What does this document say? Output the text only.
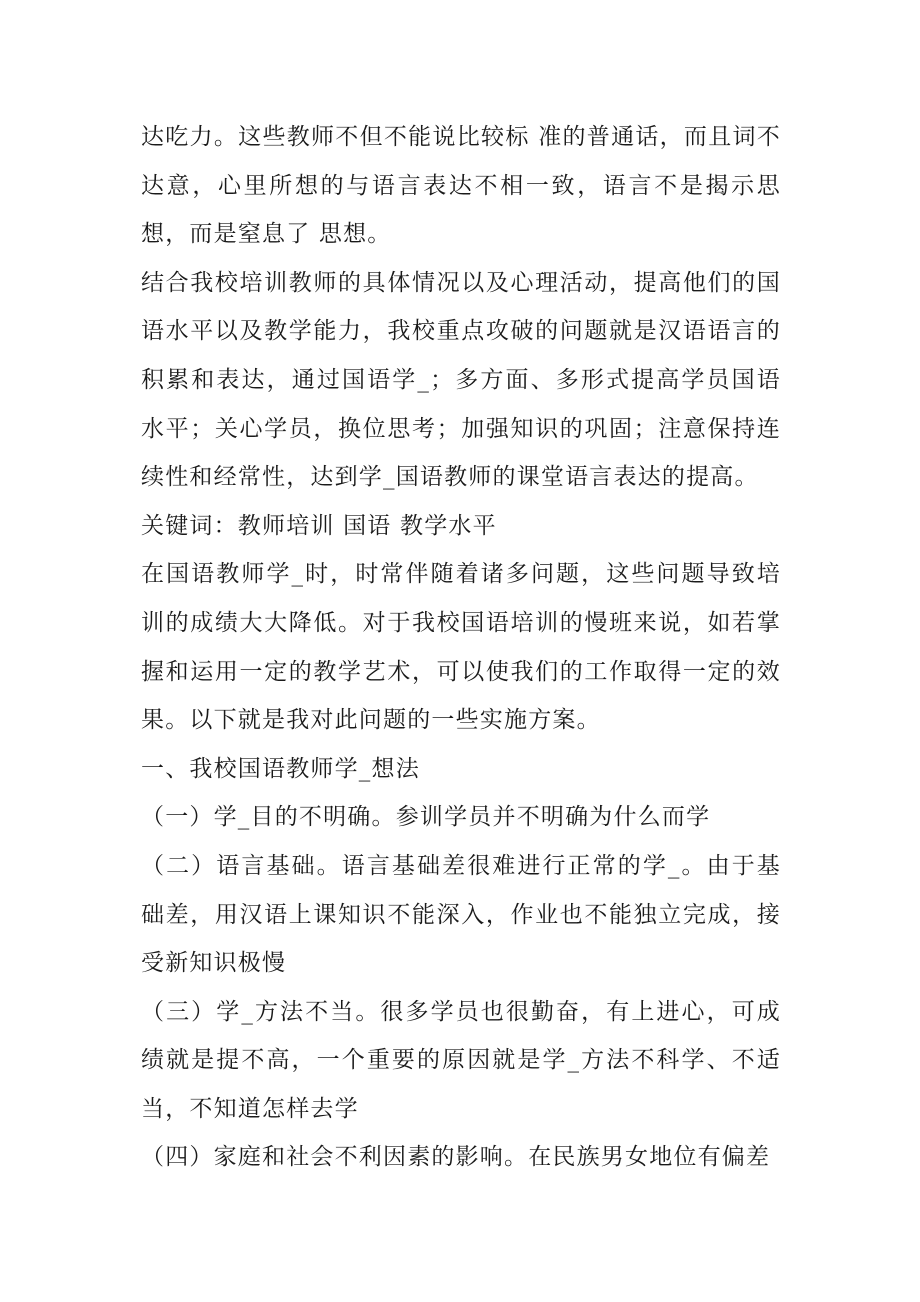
达吃力。这些教师不但不能说比较标 准的普通话，而且词不达意，心里所想的与语言表达不相一致，语言不是揭示思想，而是窒息了 思想。

结合我校培训教师的具体情况以及心理活动，提高他们的国语水平以及教学能力，我校重点攻破的问题就是汉语语言的积累和表达，通过国语学_；多方面、多形式提高学员国语水平；关心学员，换位思考；加强知识的巩固；注意保持连续性和经常性，达到学_国语教师的课堂语言表达的提高。

关键词：教师培训 国语 教学水平

在国语教师学_时，时常伴随着诸多问题，这些问题导致培训的成绩大大降低。对于我校国语培训的慢班来说，如若掌握和运用一定的教学艺术，可以使我们的工作取得一定的效果。以下就是我对此问题的一些实施方案。

一、我校国语教师学_想法

（一）学_目的不明确。参训学员并不明确为什么而学

（二）语言基础。语言基础差很难进行正常的学_。由于基础差，用汉语上课知识不能深入，作业也不能独立完成，接受新知识极慢

（三）学_方法不当。很多学员也很勤奋，有上进心，可成绩就是提不高，一个重要的原因就是学_方法不科学、不适当，不知道怎样去学

（四）家庭和社会不利因素的影响。在民族男女地位有偏差
